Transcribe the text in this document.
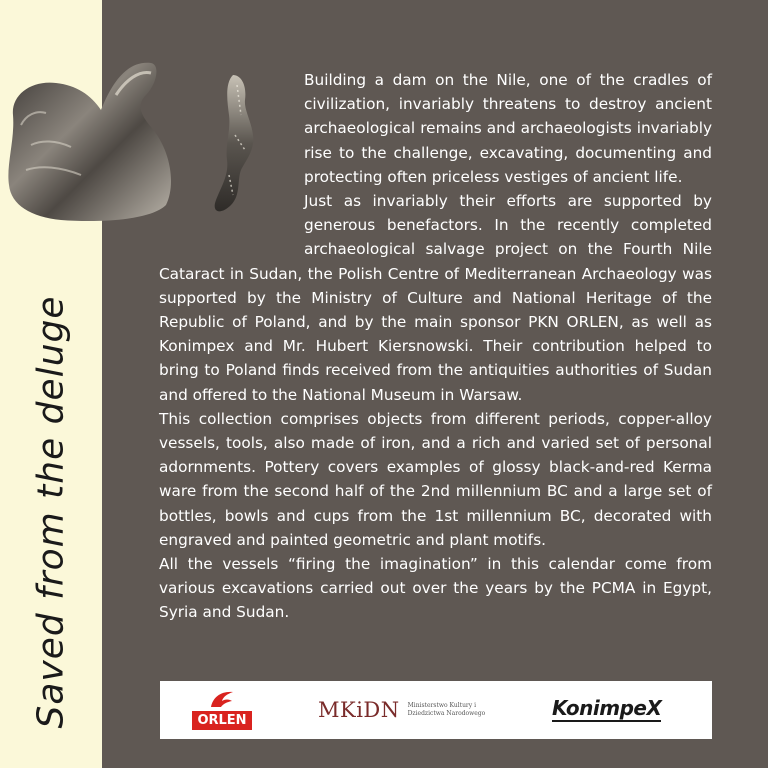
Saved from the deluge

Building a dam on the Nile, one of the cradles of civilization, invariably threatens to destroy ancient archaeological remains and archaeologists invariably rise to the challenge, excavating, documenting and protecting often priceless vestiges of ancient life.

Just as invariably their efforts are supported by generous benefactors. In the recently completed archaeological salvage project on the Fourth Nile Cataract in Sudan, the Polish Centre of Mediterranean Archaeology was supported by the Ministry of Culture and National Heritage of the Republic of Poland, and by the main sponsor PKN ORLEN, as well as Konimpex and Mr. Hubert Kiersnowski. Their contribution helped to bring to Poland finds received from the antiquities authorities of Sudan and offered to the National Museum in Warsaw.

This collection comprises objects from different periods, copper-alloy vessels, tools, also made of iron, and a rich and varied set of personal adornments. Pottery covers examples of glossy black-and-red Kerma ware from the second half of the 2nd millennium BC and a large set of bottles, bowls and cups from the 1st millennium BC, decorated with engraved and painted geometric and plant motifs.

All the vessels “firing the imagination” in this calendar come from various excavations carried out over the years by the PCMA in Egypt, Syria and Sudan.

ORLEN	MKiDN Ministerstwo Kultury i Dziedzictwa Narodowego	KonimpeX
